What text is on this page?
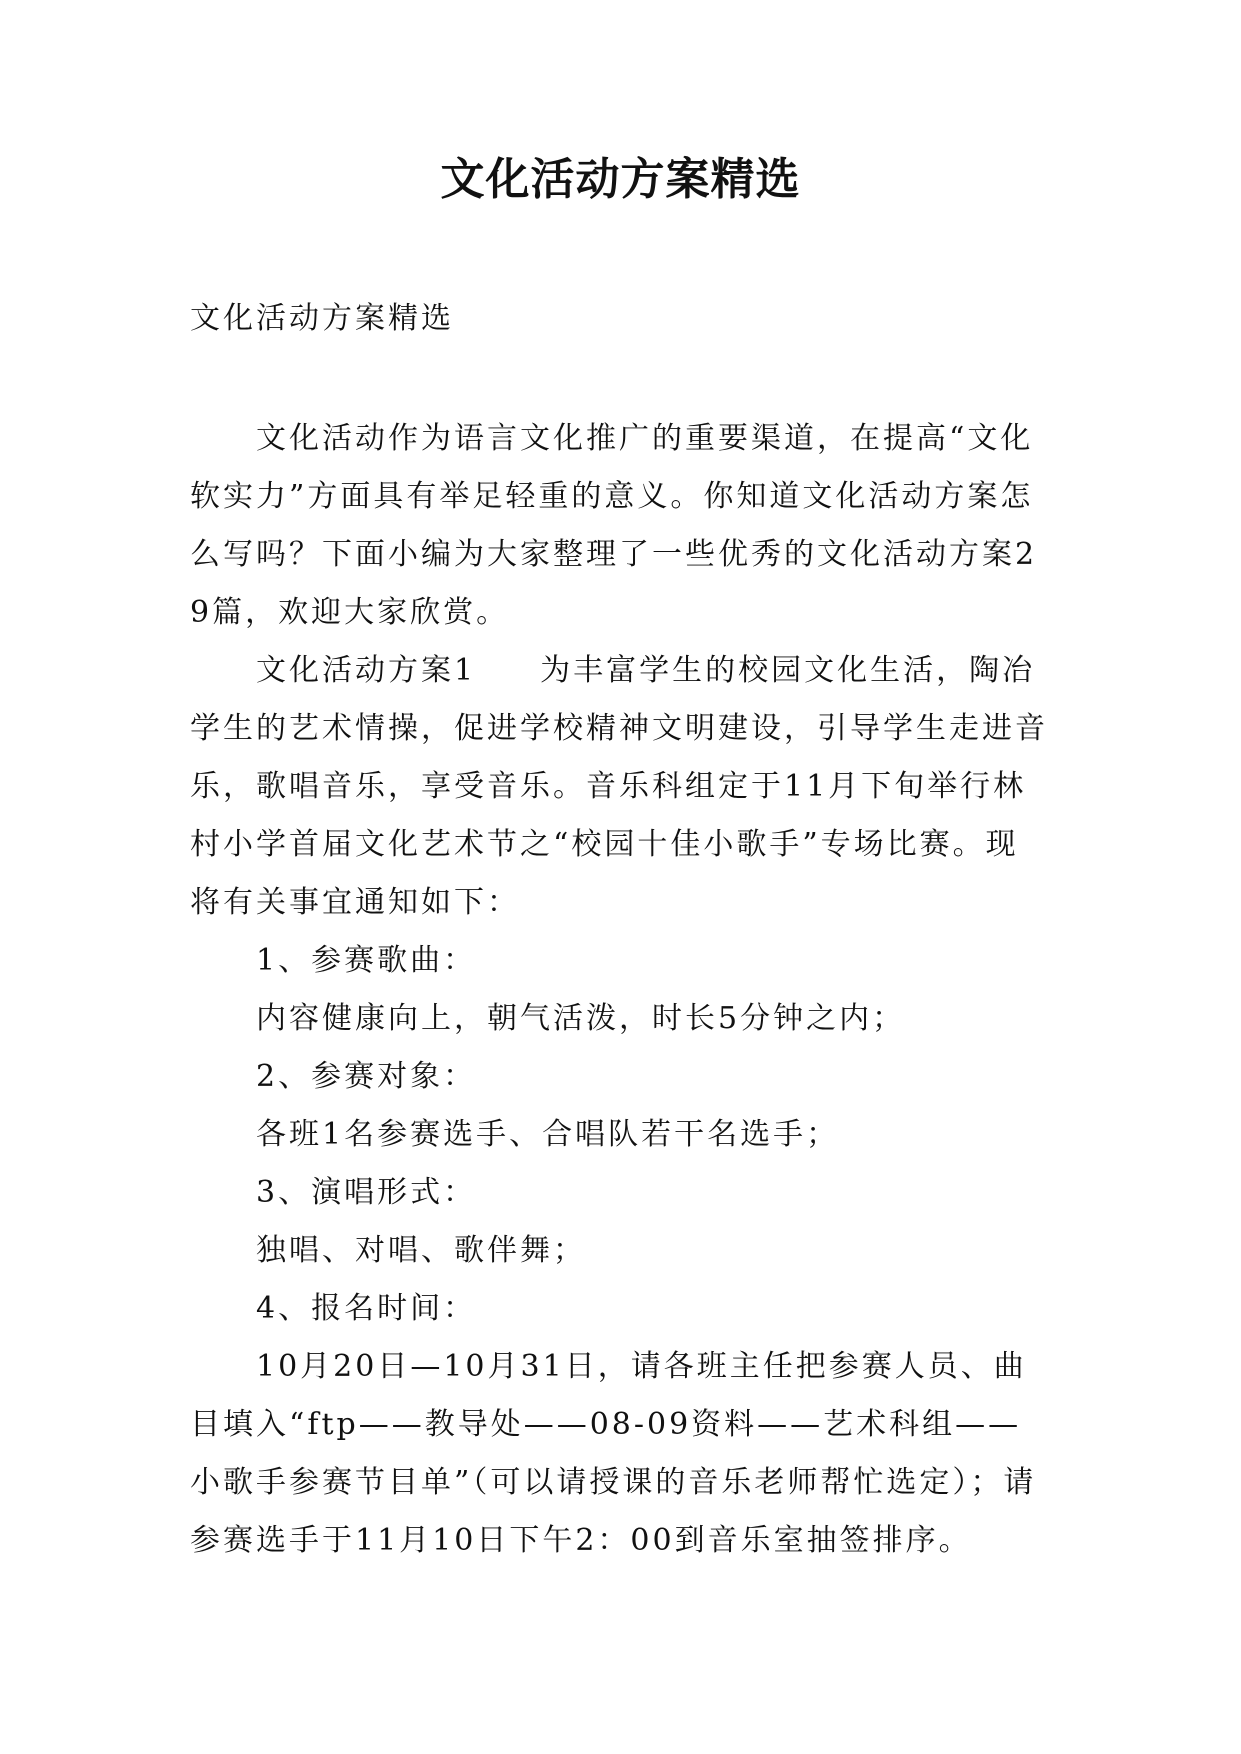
文化活动方案精选
文化活动方案精选

文化活动作为语言文化推广的重要渠道，在提高“文化软实力”方面具有举足轻重的意义。你知道文化活动方案怎么写吗？下面小编为大家整理了一些优秀的文化活动方案29篇，欢迎大家欣赏。

文化活动方案1 为丰富学生的校园文化生活，陶冶学生的艺术情操，促进学校精神文明建设，引导学生走进音乐，歌唱音乐，享受音乐。音乐科组定于11月下旬举行林村小学首届文化艺术节之“校园十佳小歌手”专场比赛。现将有关事宜通知如下：

1、参赛歌曲：

内容健康向上，朝气活泼，时长5分钟之内；

2、参赛对象：

各班1名参赛选手、合唱队若干名选手；

3、演唱形式：

独唱、对唱、歌伴舞；

4、报名时间：

10月20日—10月31日，请各班主任把参赛人员、曲目填入“ftp——教导处——08-09资料——艺术科组——小歌手参赛节目单”（可以请授课的音乐老师帮忙选定）；请参赛选手于11月10日下午2：00到音乐室抽签排序。
